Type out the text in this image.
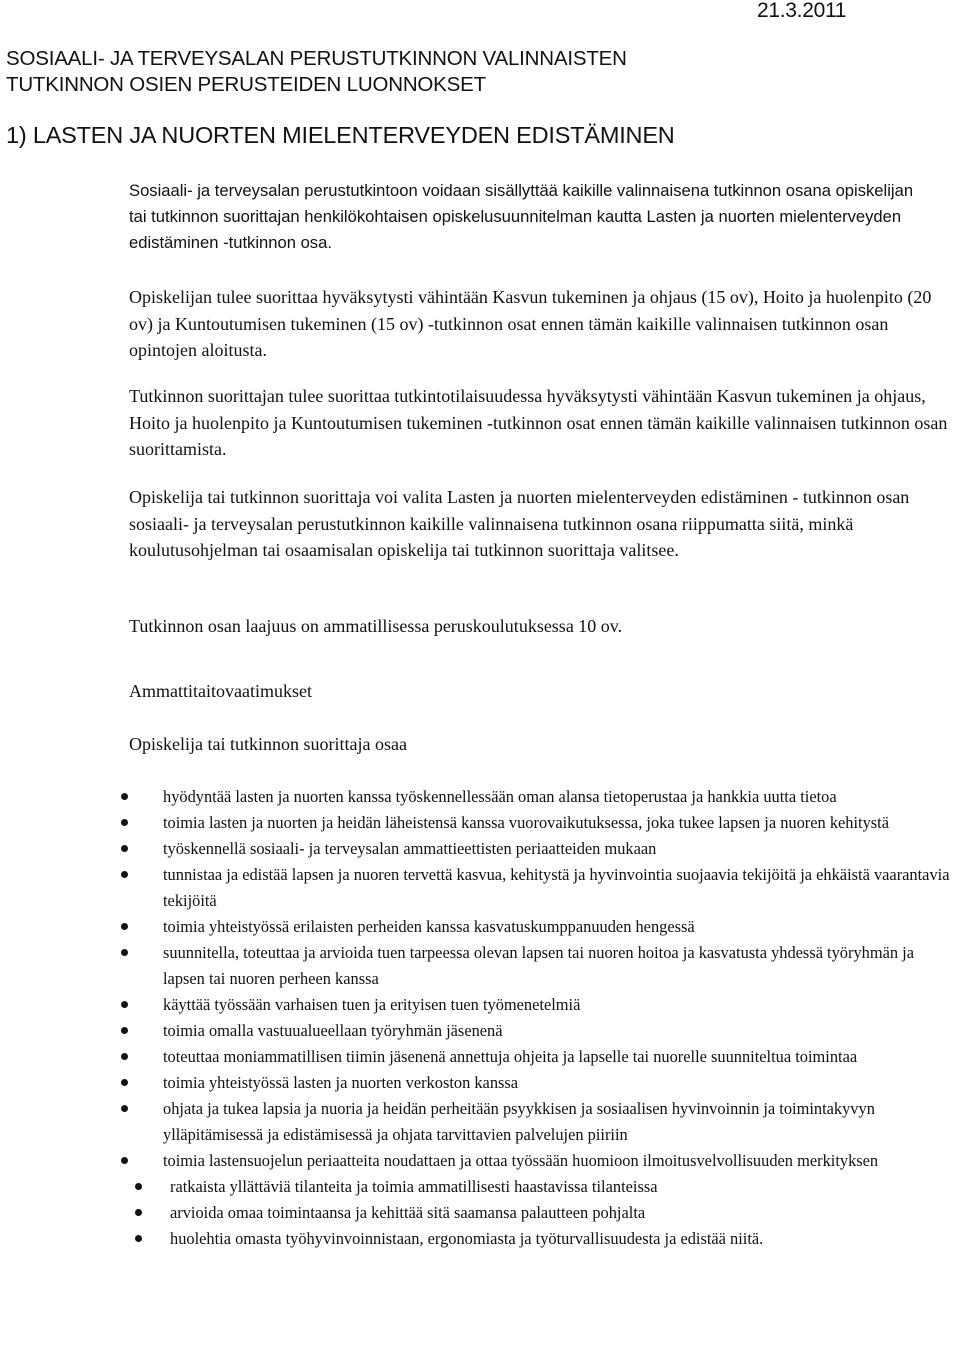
21.3.2011
SOSIAALI- JA TERVEYSALAN PERUSTUTKINNON VALINNAISTEN
TUTKINNON OSIEN PERUSTEIDEN LUONNOKSET
1) LASTEN JA NUORTEN MIELENTERVEYDEN EDISTÄMINEN

Sosiaali- ja terveysalan perustutkintoon voidaan sisällyttää kaikille valinnaisena tutkinnon osana opiskelijan tai tutkinnon suorittajan henkilökohtaisen opiskelusuunnitelman kautta Lasten ja nuorten mielenterveyden edistäminen -tutkinnon osa.

Opiskelijan tulee suorittaa hyväksytysti vähintään Kasvun tukeminen ja ohjaus (15 ov), Hoito ja huolenpito (20 ov) ja Kuntoutumisen tukeminen (15 ov) -tutkinnon osat ennen tämän kaikille valinnaisen tutkinnon osan opintojen aloitusta.

Tutkinnon suorittajan tulee suorittaa tutkintotilaisuudessa hyväksytysti vähintään Kasvun tukeminen ja ohjaus, Hoito ja huolenpito ja Kuntoutumisen tukeminen -tutkinnon osat ennen tämän kaikille valinnaisen tutkinnon osan suorittamista.

Opiskelija tai tutkinnon suorittaja voi valita Lasten ja nuorten mielenterveyden edistäminen - tutkinnon osan sosiaali- ja terveysalan perustutkinnon kaikille valinnaisena tutkinnon osana riippumatta siitä, minkä koulutusohjelman tai osaamisalan opiskelija tai tutkinnon suorittaja valitsee.

Tutkinnon osan laajuus on ammatillisessa peruskoulutuksessa 10 ov.

Ammattitaitovaatimukset

Opiskelija tai tutkinnon suorittaja osaa

hyödyntää lasten ja nuorten kanssa työskennellessään oman alansa tietoperustaa ja hankkia uutta tietoa
toimia lasten ja nuorten ja heidän läheistensä kanssa vuorovaikutuksessa, joka tukee lapsen ja nuoren kehitystä
työskennellä sosiaali- ja terveysalan ammattieettisten periaatteiden mukaan
tunnistaa ja edistää lapsen ja nuoren tervettä kasvua, kehitystä ja hyvinvointia suojaavia tekijöitä ja ehkäistä vaarantavia tekijöitä
toimia yhteistyössä erilaisten perheiden kanssa kasvatuskumppanuuden hengessä
suunnitella, toteuttaa ja arvioida tuen tarpeessa olevan lapsen tai nuoren hoitoa ja kasvatusta yhdessä työryhmän ja lapsen tai nuoren perheen kanssa
käyttää työssään varhaisen tuen ja erityisen tuen työmenetelmiä
toimia omalla vastuualueellaan työryhmän jäsenenä
toteuttaa moniammatillisen tiimin jäsenenä annettuja ohjeita ja lapselle tai nuorelle suunniteltua toimintaa
toimia yhteistyössä lasten ja nuorten verkoston kanssa
ohjata ja tukea lapsia ja nuoria ja heidän perheitään psyykkisen ja sosiaalisen hyvinvoinnin ja toimintakyvyn ylläpitämisessä ja edistämisessä ja ohjata tarvittavien palvelujen piiriin
toimia lastensuojelun periaatteita noudattaen ja ottaa työssään huomioon ilmoitusvelvollisuuden merkityksen
ratkaista yllättäviä tilanteita ja toimia ammatillisesti haastavissa tilanteissa
arvioida omaa toimintaansa ja kehittää sitä saamansa palautteen pohjalta
huolehtia omasta työhyvinvoinnistaan, ergonomiasta ja työturvallisuudesta ja edistää niitä.
